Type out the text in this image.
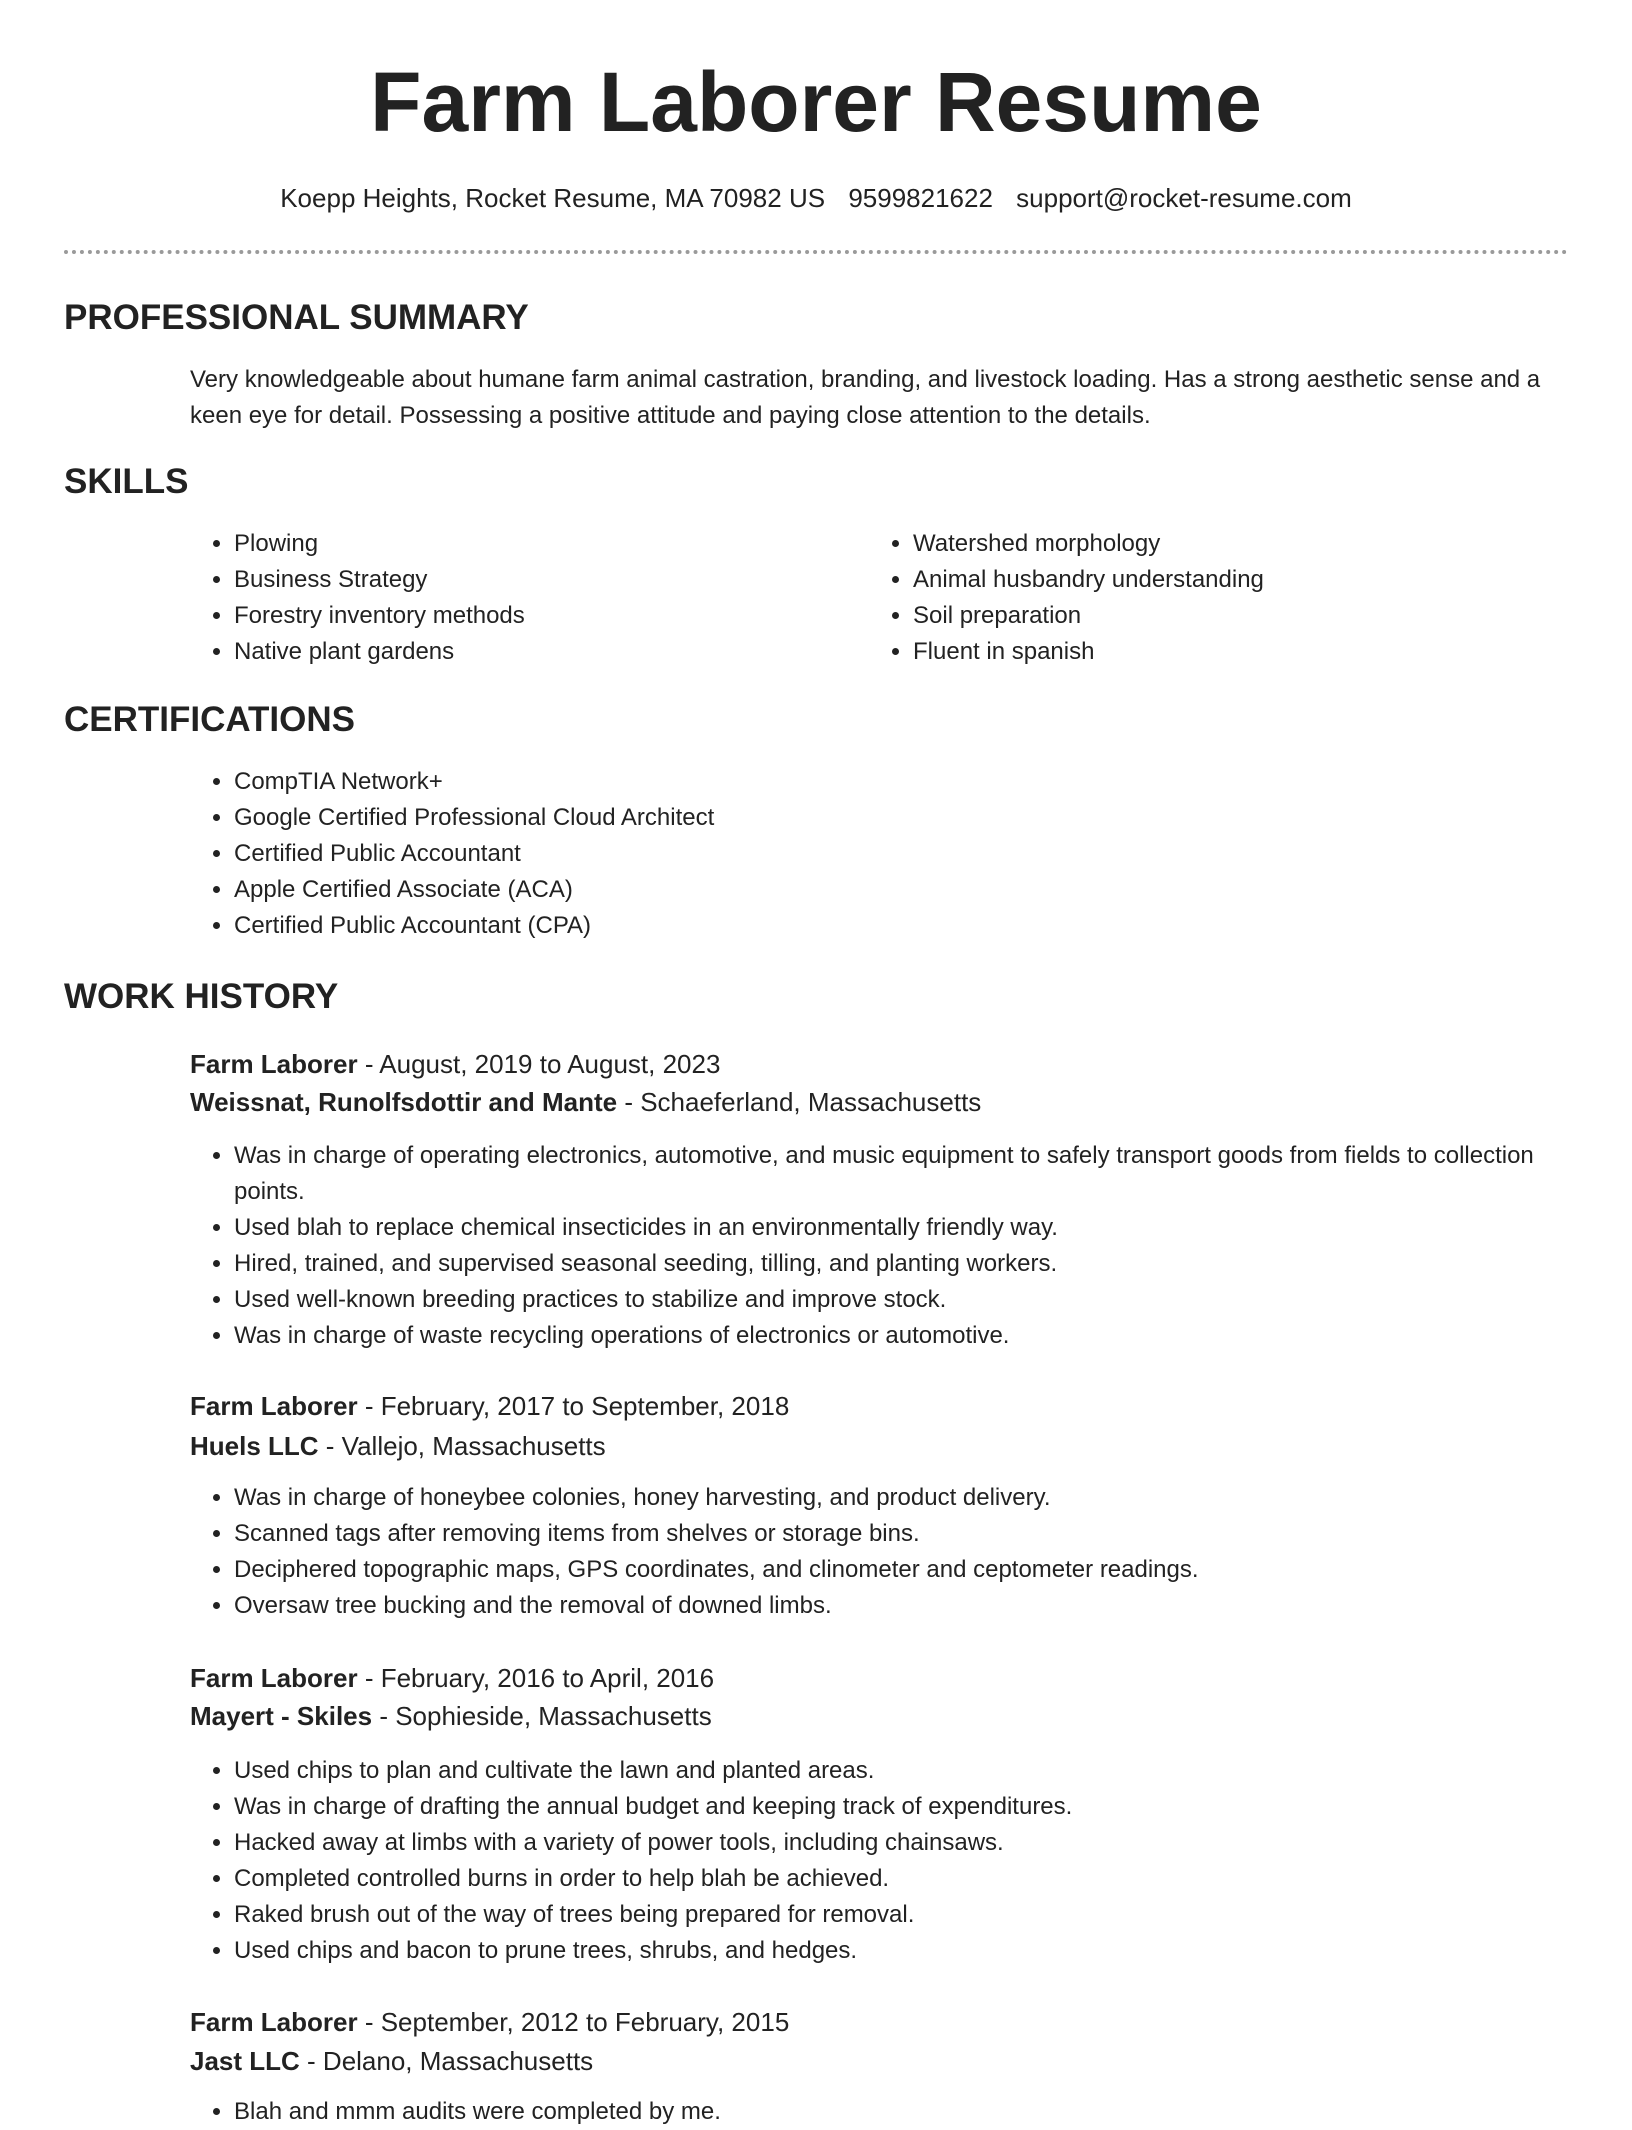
Farm Laborer Resume
Koepp Heights, Rocket Resume, MA 70982 US 9599821622 support@rocket-resume.com
PROFESSIONAL SUMMARY

Very knowledgeable about humane farm animal castration, branding, and livestock loading. Has a strong aesthetic sense and a keen eye for detail. Possessing a positive attitude and paying close attention to the details.

SKILLS
• Plowing
• Business Strategy
• Forestry inventory methods
• Native plant gardens
• Watershed morphology
• Animal husbandry understanding
• Soil preparation
• Fluent in spanish
CERTIFICATIONS
• CompTIA Network+
• Google Certified Professional Cloud Architect
• Certified Public Accountant
• Apple Certified Associate (ACA)
• Certified Public Accountant (CPA)
WORK HISTORY
Farm Laborer - August, 2019 to August, 2023
Weissnat, Runolfsdottir and Mante - Schaeferland, Massachusetts
• Was in charge of operating electronics, automotive, and music equipment to safely transport goods from fields to collection points.
• Used blah to replace chemical insecticides in an environmentally friendly way.
• Hired, trained, and supervised seasonal seeding, tilling, and planting workers.
• Used well-known breeding practices to stabilize and improve stock.
• Was in charge of waste recycling operations of electronics or automotive.
Farm Laborer - February, 2017 to September, 2018
Huels LLC - Vallejo, Massachusetts
• Was in charge of honeybee colonies, honey harvesting, and product delivery.
• Scanned tags after removing items from shelves or storage bins.
• Deciphered topographic maps, GPS coordinates, and clinometer and ceptometer readings.
• Oversaw tree bucking and the removal of downed limbs.
Farm Laborer - February, 2016 to April, 2016
Mayert - Skiles - Sophieside, Massachusetts
• Used chips to plan and cultivate the lawn and planted areas.
• Was in charge of drafting the annual budget and keeping track of expenditures.
• Hacked away at limbs with a variety of power tools, including chainsaws.
• Completed controlled burns in order to help blah be achieved.
• Raked brush out of the way of trees being prepared for removal.
• Used chips and bacon to prune trees, shrubs, and hedges.
Farm Laborer - September, 2012 to February, 2015
Jast LLC - Delano, Massachusetts
• Blah and mmm audits were completed by me.
